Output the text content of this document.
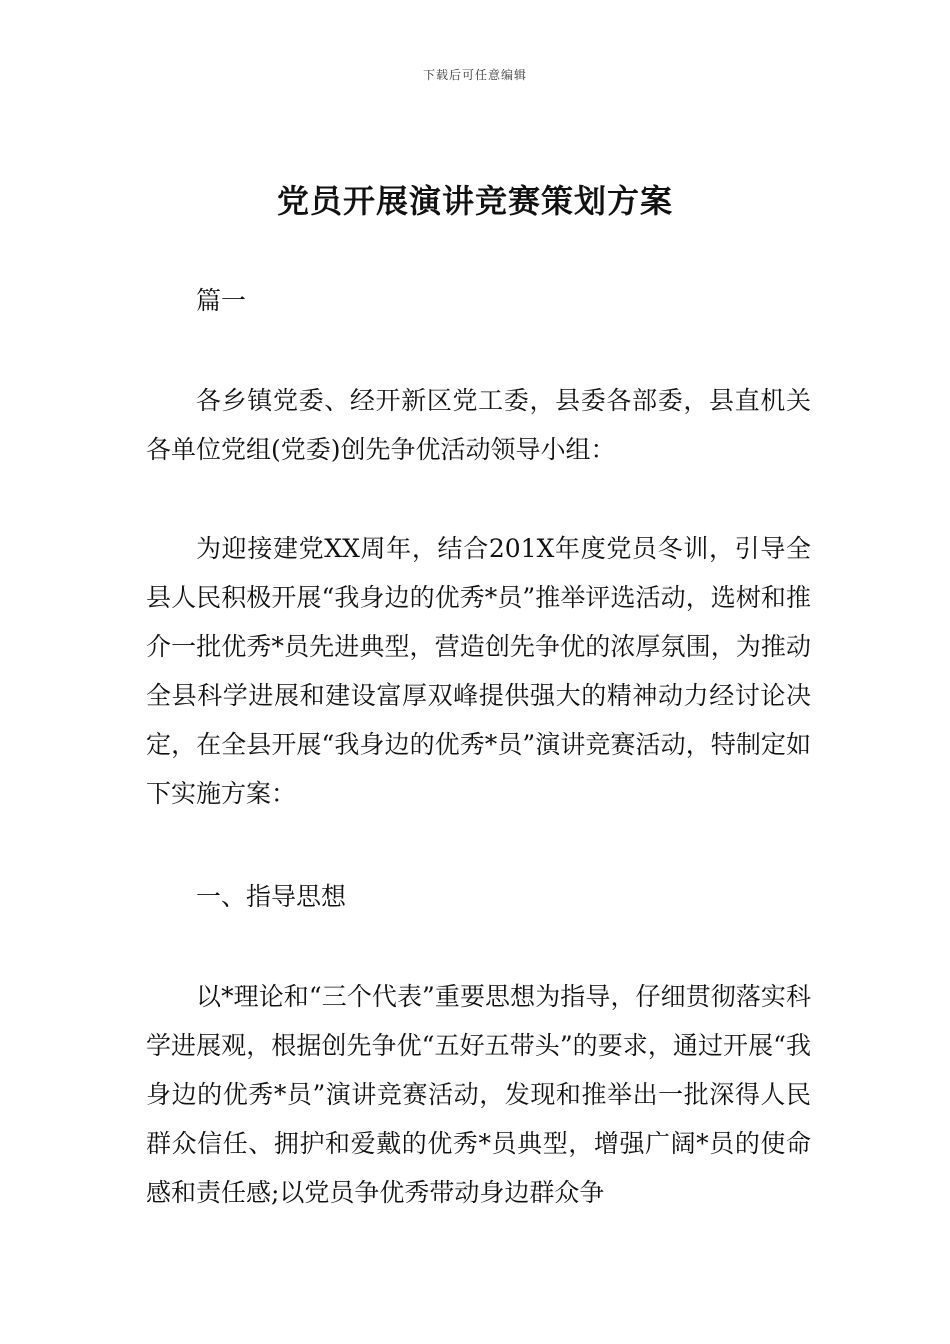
下载后可任意编辑
党员开展演讲竞赛策划方案

篇一

各乡镇党委、经开新区党工委，县委各部委，县直机关各单位党组(党委)创先争优活动领导小组：

为迎接建党XX周年，结合201X年度党员冬训，引导全县人民积极开展“我身边的优秀*员”推举评选活动，选树和推介一批优秀*员先进典型，营造创先争优的浓厚氛围，为推动全县科学进展和建设富厚双峰提供强大的精神动力经讨论决定，在全县开展“我身边的优秀*员”演讲竞赛活动，特制定如下实施方案：

一、指导思想

以*理论和“三个代表”重要思想为指导，仔细贯彻落实科学进展观，根据创先争优“五好五带头”的要求，通过开展“我身边的优秀*员”演讲竞赛活动，发现和推举出一批深得人民群众信任、拥护和爱戴的优秀*员典型，增强广阔*员的使命感和责任感;以党员争优秀带动身边群众争
